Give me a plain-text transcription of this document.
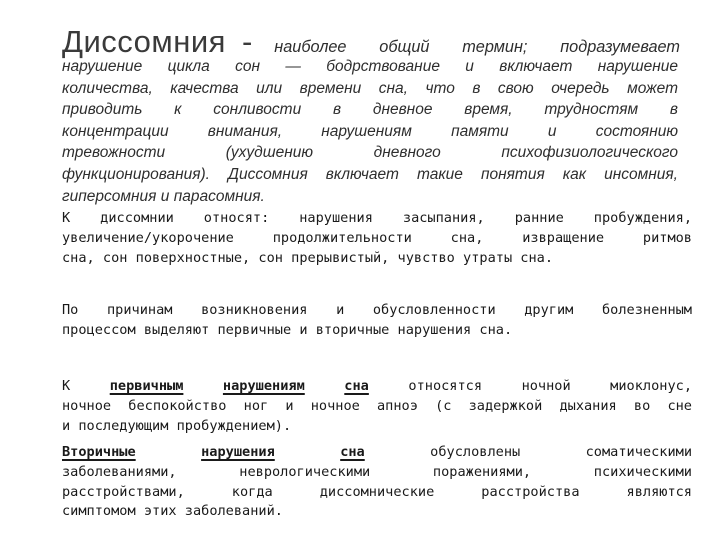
Диссомния - наиболее общий термин; подразумевает
нарушение цикла сон — бодрствование и включает нарушение
количества, качества или времени сна, что в свою очередь может
приводить к сонливости в дневное время, трудностям в
концентрации внимания, нарушениям памяти и состоянию
тревожности (ухудшению дневного психофизиологического
функционирования). Диссомния включает такие понятия как инсомния,
гиперсомния и парасомния.
К диссомнии относят: нарушения засыпания, ранние пробуждения,
увеличение/укорочение продолжительности сна, извращение ритмов
сна, сон поверхностные, сон прерывистый, чувство утраты сна.
По причинам возникновения и обусловленности другим болезненным
процессом выделяют первичные и вторичные нарушения сна.
К	первичным	нарушениям	сна	относятся ночной миоклонус,
ночное беспокойство ног и ночное апноэ (с задержкой дыхания во сне
и последующим пробуждением).
Вторичные	нарушения	сна	обусловлены соматическими
заболеваниями, неврологическими поражениями, психическими
расстройствами, когда диссомнические расстройства являются
симптомом этих заболеваний.
